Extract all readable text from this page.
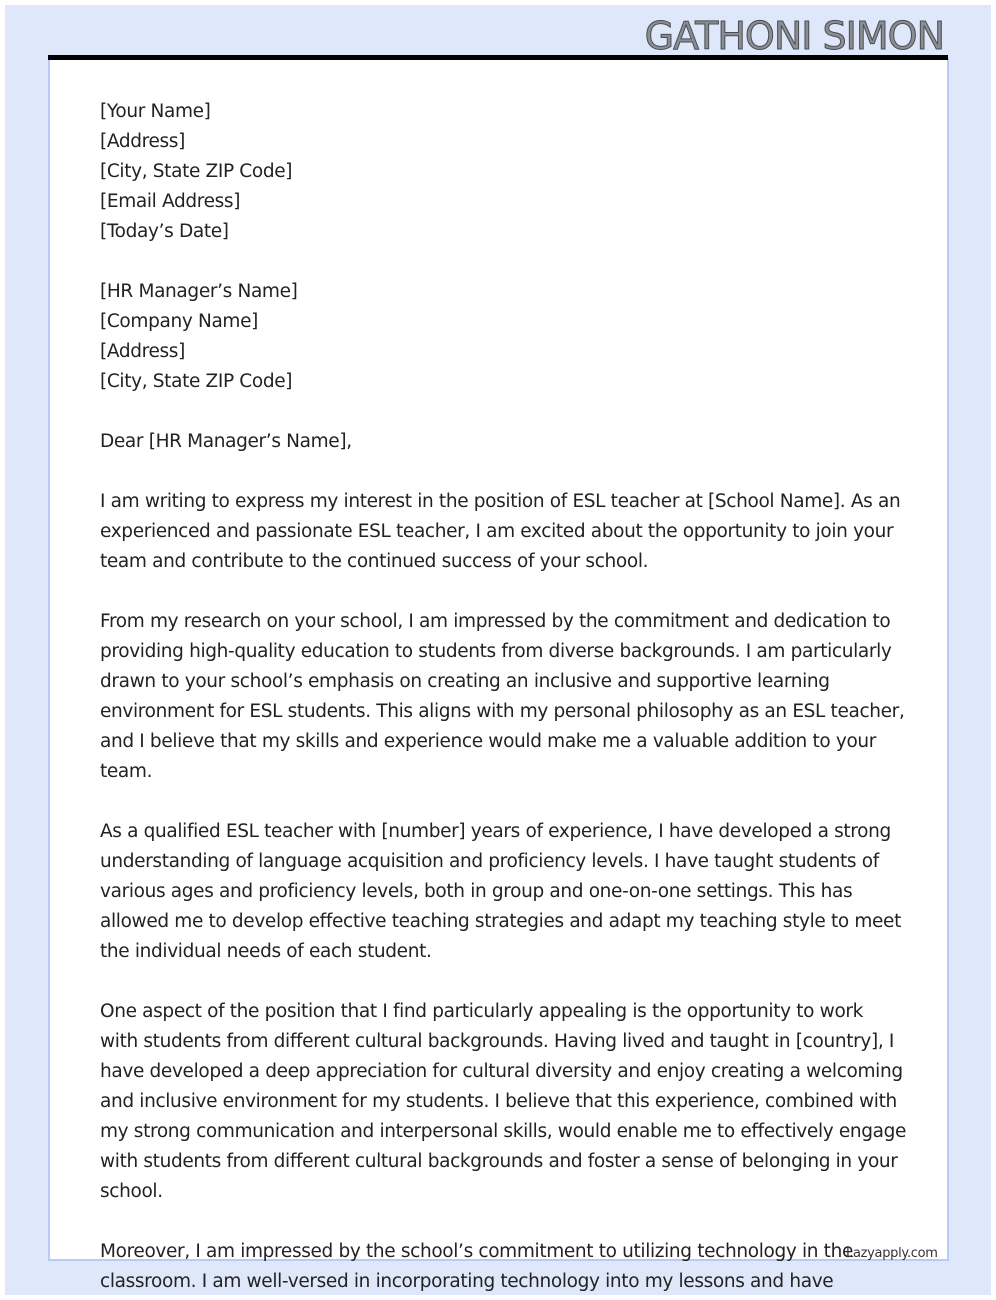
GATHONI SIMON
[Your Name]
[Address]
[City, State ZIP Code]
[Email Address]
[Today’s Date]
[HR Manager’s Name]
[Company Name]
[Address]
[City, State ZIP Code]
Dear [HR Manager’s Name],
I am writing to express my interest in the position of ESL teacher at [School Name]. As an
experienced and passionate ESL teacher, I am excited about the opportunity to join your
team and contribute to the continued success of your school.
From my research on your school, I am impressed by the commitment and dedication to
providing high-quality education to students from diverse backgrounds. I am particularly
drawn to your school’s emphasis on creating an inclusive and supportive learning
environment for ESL students. This aligns with my personal philosophy as an ESL teacher,
and I believe that my skills and experience would make me a valuable addition to your
team.
As a qualified ESL teacher with [number] years of experience, I have developed a strong
understanding of language acquisition and proficiency levels. I have taught students of
various ages and proficiency levels, both in group and one-on-one settings. This has
allowed me to develop effective teaching strategies and adapt my teaching style to meet
the individual needs of each student.
One aspect of the position that I find particularly appealing is the opportunity to work
with students from different cultural backgrounds. Having lived and taught in [country], I
have developed a deep appreciation for cultural diversity and enjoy creating a welcoming
and inclusive environment for my students. I believe that this experience, combined with
my strong communication and interpersonal skills, would enable me to effectively engage
with students from different cultural backgrounds and foster a sense of belonging in your
school.
Moreover, I am impressed by the school’s commitment to utilizing technology in the
classroom. I am well-versed in incorporating technology into my lessons and have
Lazyapply.com
